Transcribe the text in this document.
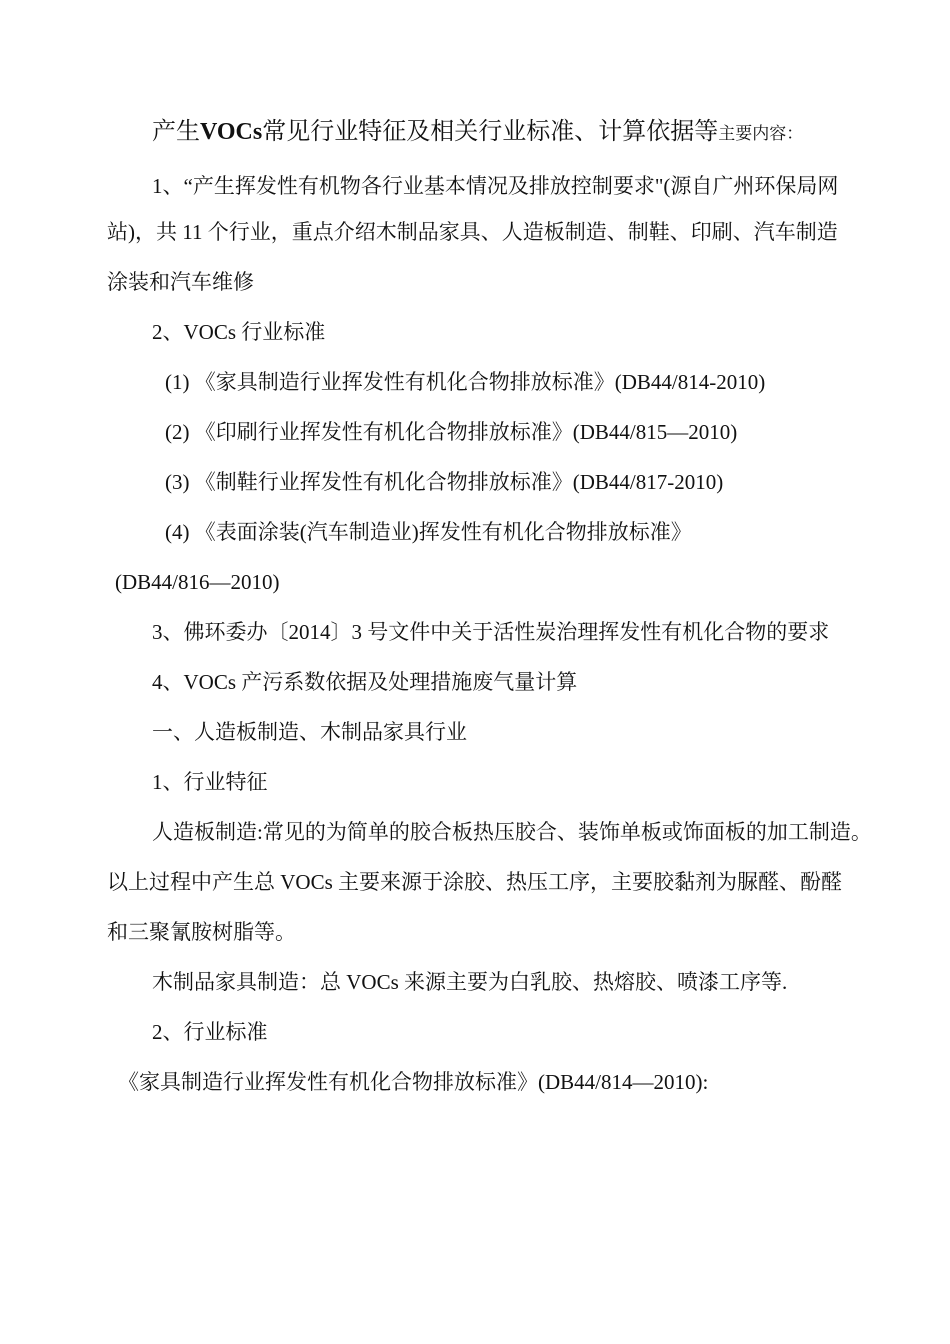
产生VOCs常见行业特征及相关行业标准、计算依据等主要内容：
1、“产生挥发性有机物各行业基本情况及排放控制要求"(源自广州环保局网
站)，共 11 个行业，重点介绍木制品家具、人造板制造、制鞋、印刷、汽车制造
涂装和汽车维修
2、VOCs 行业标准
(1) 《家具制造行业挥发性有机化合物排放标准》(DB44/814-2010)
(2) 《印刷行业挥发性有机化合物排放标准》(DB44/815—2010)
(3) 《制鞋行业挥发性有机化合物排放标准》(DB44/817-2010)
(4) 《表面涂装(汽车制造业)挥发性有机化合物排放标准》
(DB44/816—2010)
3、佛环委办〔2014〕3 号文件中关于活性炭治理挥发性有机化合物的要求
4、VOCs 产污系数依据及处理措施废气量计算
一、人造板制造、木制品家具行业
1、行业特征
人造板制造:常见的为简单的胶合板热压胶合、装饰单板或饰面板的加工制造。
以上过程中产生总 VOCs 主要来源于涂胶、热压工序，主要胶黏剂为脲醛、酚醛
和三聚氰胺树脂等。
木制品家具制造：总 VOCs 来源主要为白乳胶、热熔胶、喷漆工序等.
2、行业标准
《家具制造行业挥发性有机化合物排放标准》(DB44/814—2010):
